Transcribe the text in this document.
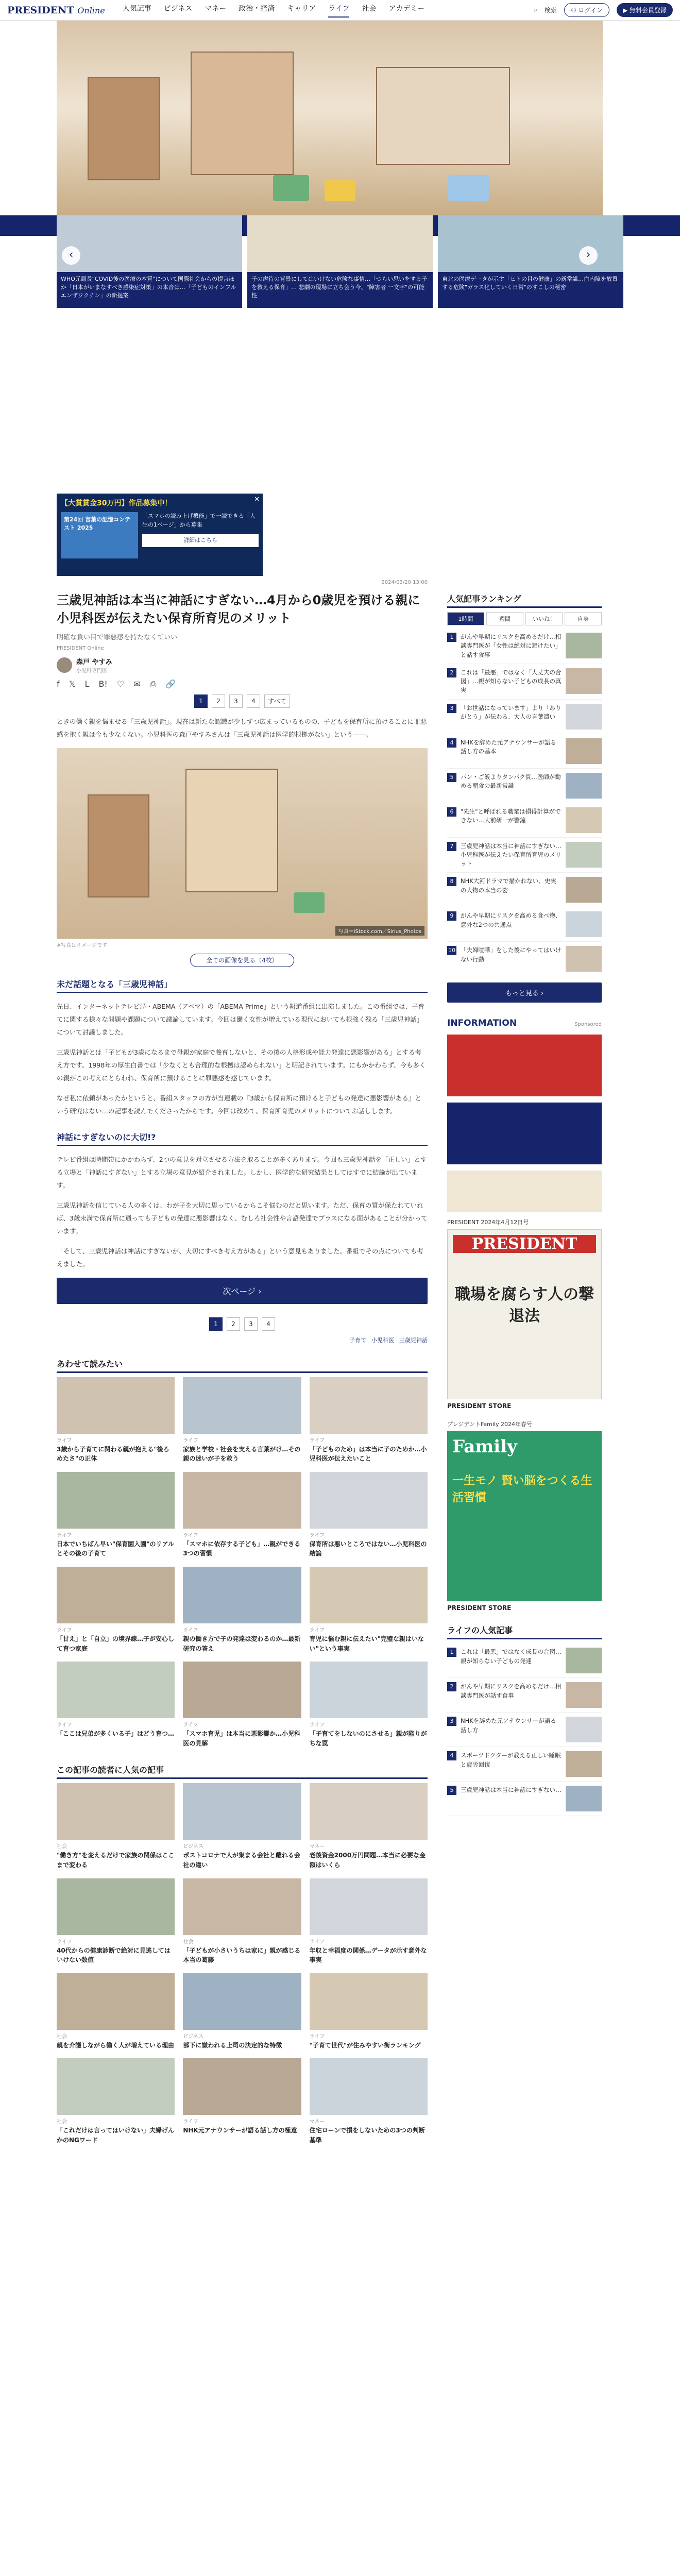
PRESIDENT Online 人気記事 ビジネス マネー 政治・経済 キャリア ライフ 社会 アカデミー	⌕ 検索	⚇ ログイン	▶ 無料会員登録
WHO元局長"COVID後の医療の本質"について国際社会からの提言ほか「日本がいまなすべき感染症対策」の本音は…「子どものインフルエンザワクチン」の新提案
子の虐待の背景にしてはいけない危険な事情…「つらい思いをする子を救える保育」… 悲劇の現場に立ち会う今、"障害者 一文字"の可能性
東北の医療データが示す「ヒトの目の健康」の新常識…白内障を放置する危険"ガラス化していく日常"のすこしの秘密
‹	›
【大賞賞金30万円】作品募集中！
第24回 言葉の記憶コンテスト 2025
「スマホの読み上げ機能」で一読できる「人生の1ページ」から募集
詳細はこちら
✕
2024/03/20 13:00
三歳児神話は本当に神話にすぎない…4月から0歳児を預ける親に小児科医が伝えたい保育所育児のメリット
明確な負い目で罪悪感を持たなくていい
PRESIDENT Online
森戸 やすみ
小児科専門医
f 𝕏 L B! ♡ ✉ ⎙ 🔗
1	2	3	4	すべて
ときの働く親を悩ませる「三歳児神話」。現在は新たな認識が少しずつ広まっているものの、子どもを保育所に預けることに罪悪感を抱く親は今も少なくない。小児科医の森戸やすみさんは「三歳児神話は医学的根拠がない」という――。
写真＝iStock.com／Sirius_Photos
※写真はイメージです
全ての画像を見る（4枚）
未だ話題となる「三歳児神話」
先日、インターネットテレビ局・ABEMA（アベマ）の「ABEMA Prime」という報道番組に出演しました。この番組では、子育てに関する様々な問題や課題について議論しています。今回は働く女性が増えている現代においても根強く残る「三歳児神話」について討議しました。
三歳児神話とは「子どもが3歳になるまで母親が家庭で養育しないと、その後の人格形成や能力発達に悪影響がある」とする考え方です。1998年の厚生白書では「少なくとも合理的な根拠は認められない」と明記されています。にもかかわらず、今も多くの親がこの考えにとらわれ、保育所に預けることに罪悪感を感じています。
なぜ私に依頼があったかというと、番組スタッフの方が当連載の『3歳から保育所に預けると子どもの発達に悪影響がある』という研究はない…の記事を読んでくださったからです。今回は改めて、保育所育児のメリットについてお話しします。
神話にすぎないのに大切!?
テレビ番組は時間帯にかかわらず、2つの意見を対立させる方法を取ることが多くあります。今回も三歳児神話を「正しい」とする立場と「神話にすぎない」とする立場の意見が紹介されました。しかし、医学的な研究結果としてはすでに結論が出ています。
三歳児神話を信じている人の多くは、わが子を大切に思っているからこそ悩むのだと思います。ただ、保育の質が保たれていれば、3歳未満で保育所に通っても子どもの発達に悪影響はなく、むしろ社会性や言語発達でプラスになる面があることが分かっています。
「そして、三歳児神話は神話にすぎないが、大切にすべき考え方がある」という意見もありました。番組でその点についても考えました。
次ページ ›
1	2	3	4
子育て 小児科医 三歳児神話
あわせて読みたい
ライフ
3歳から子育てに関わる親が抱える"後ろめたさ"の正体
ライフ
家族と学校・社会を支える言葉がけ…その親の迷いが子を救う
ライフ
「子どものため」は本当に子のためか…小児科医が伝えたいこと
ライフ
日本でいちばん早い"保育園入園"のリアルとその後の子育て
ライフ
「スマホに依存する子ども」…親ができる3つの習慣
ライフ
保育所は悪いところではない…小児科医の結論
ライフ
「甘え」と「自立」の境界線…子が安心して育つ家庭
ライフ
親の働き方で子の発達は変わるのか…最新研究の答え
ライフ
育児に悩む親に伝えたい"完璧な親はいない"という事実
ライフ
「ここは兄弟が多くいる子」はどう育つ…
ライフ
「スマホ育児」は本当に悪影響か…小児科医の見解
ライフ
「子育てをしないのにさせる」親が陥りがちな罠
この記事の読者に人気の記事
社会
"働き方"を変えるだけで家族の関係はここまで変わる
ビジネス
ポストコロナで人が集まる会社と離れる会社の違い
マネー
老後資金2000万円問題…本当に必要な金額はいくら
ライフ
40代からの健康診断で絶対に見逃してはいけない数値
社会
「子どもが小さいうちは家に」親が感じる本当の葛藤
ライフ
年収と幸福度の関係…データが示す意外な事実
社会
親を介護しながら働く人が増えている理由
ビジネス
部下に嫌われる上司の決定的な特徴
ライフ
"子育て世代"が住みやすい街ランキング
社会
「これだけは言ってはいけない」夫婦げんかのNGワード
ライフ
NHK元アナウンサーが語る話し方の極意
マネー
住宅ローンで損をしないための3つの判断基準
人気記事ランキング
1時間	週間	いいね！	自身
1	がんや早期にリスクを高めるだけ…相談専門医が「女性は絶対に避けたい」と話す食事
2	これは「最悪」ではなく「大丈夫の合図」…親が知らない子どもの成長の真実
3	「お世話になっています」より「ありがとう」が伝わる、大人の言葉遣い
4	NHKを辞めた元アナウンサーが語る話し方の基本
5	パン・ご飯よりタンパク質…医師が勧める朝食の最新常識
6	"先生"と呼ばれる職業は損得計算ができない…大前研一が警鐘
7	三歳児神話は本当に神話にすぎない…小児科医が伝えたい保育所育児のメリット
8	NHK大河ドラマで描かれない、史実の人物の本当の姿
9	がんや早期にリスクを高める食べ物、意外な2つの共通点
10 「夫婦喧嘩」をした後にやってはいけない行動
もっと見る ›
INFORMATION	Sponsored
PRESIDENT 2024年4月12日号
PRESIDENT
職場を腐らす人の撃退法
PRESIDENT STORE
プレジデントFamily 2024年春号
Family
一生モノ 賢い脳をつくる生活習慣
PRESIDENT STORE
ライフの人気記事
1	これは「最悪」ではなく成長の合図…親が知らない子どもの発達
2	がんや早期にリスクを高めるだけ…相談専門医が話す食事
3	NHKを辞めた元アナウンサーが語る話し方
4	スポーツドクターが教える正しい睡眠と疲労回復
5	三歳児神話は本当に神話にすぎない…
